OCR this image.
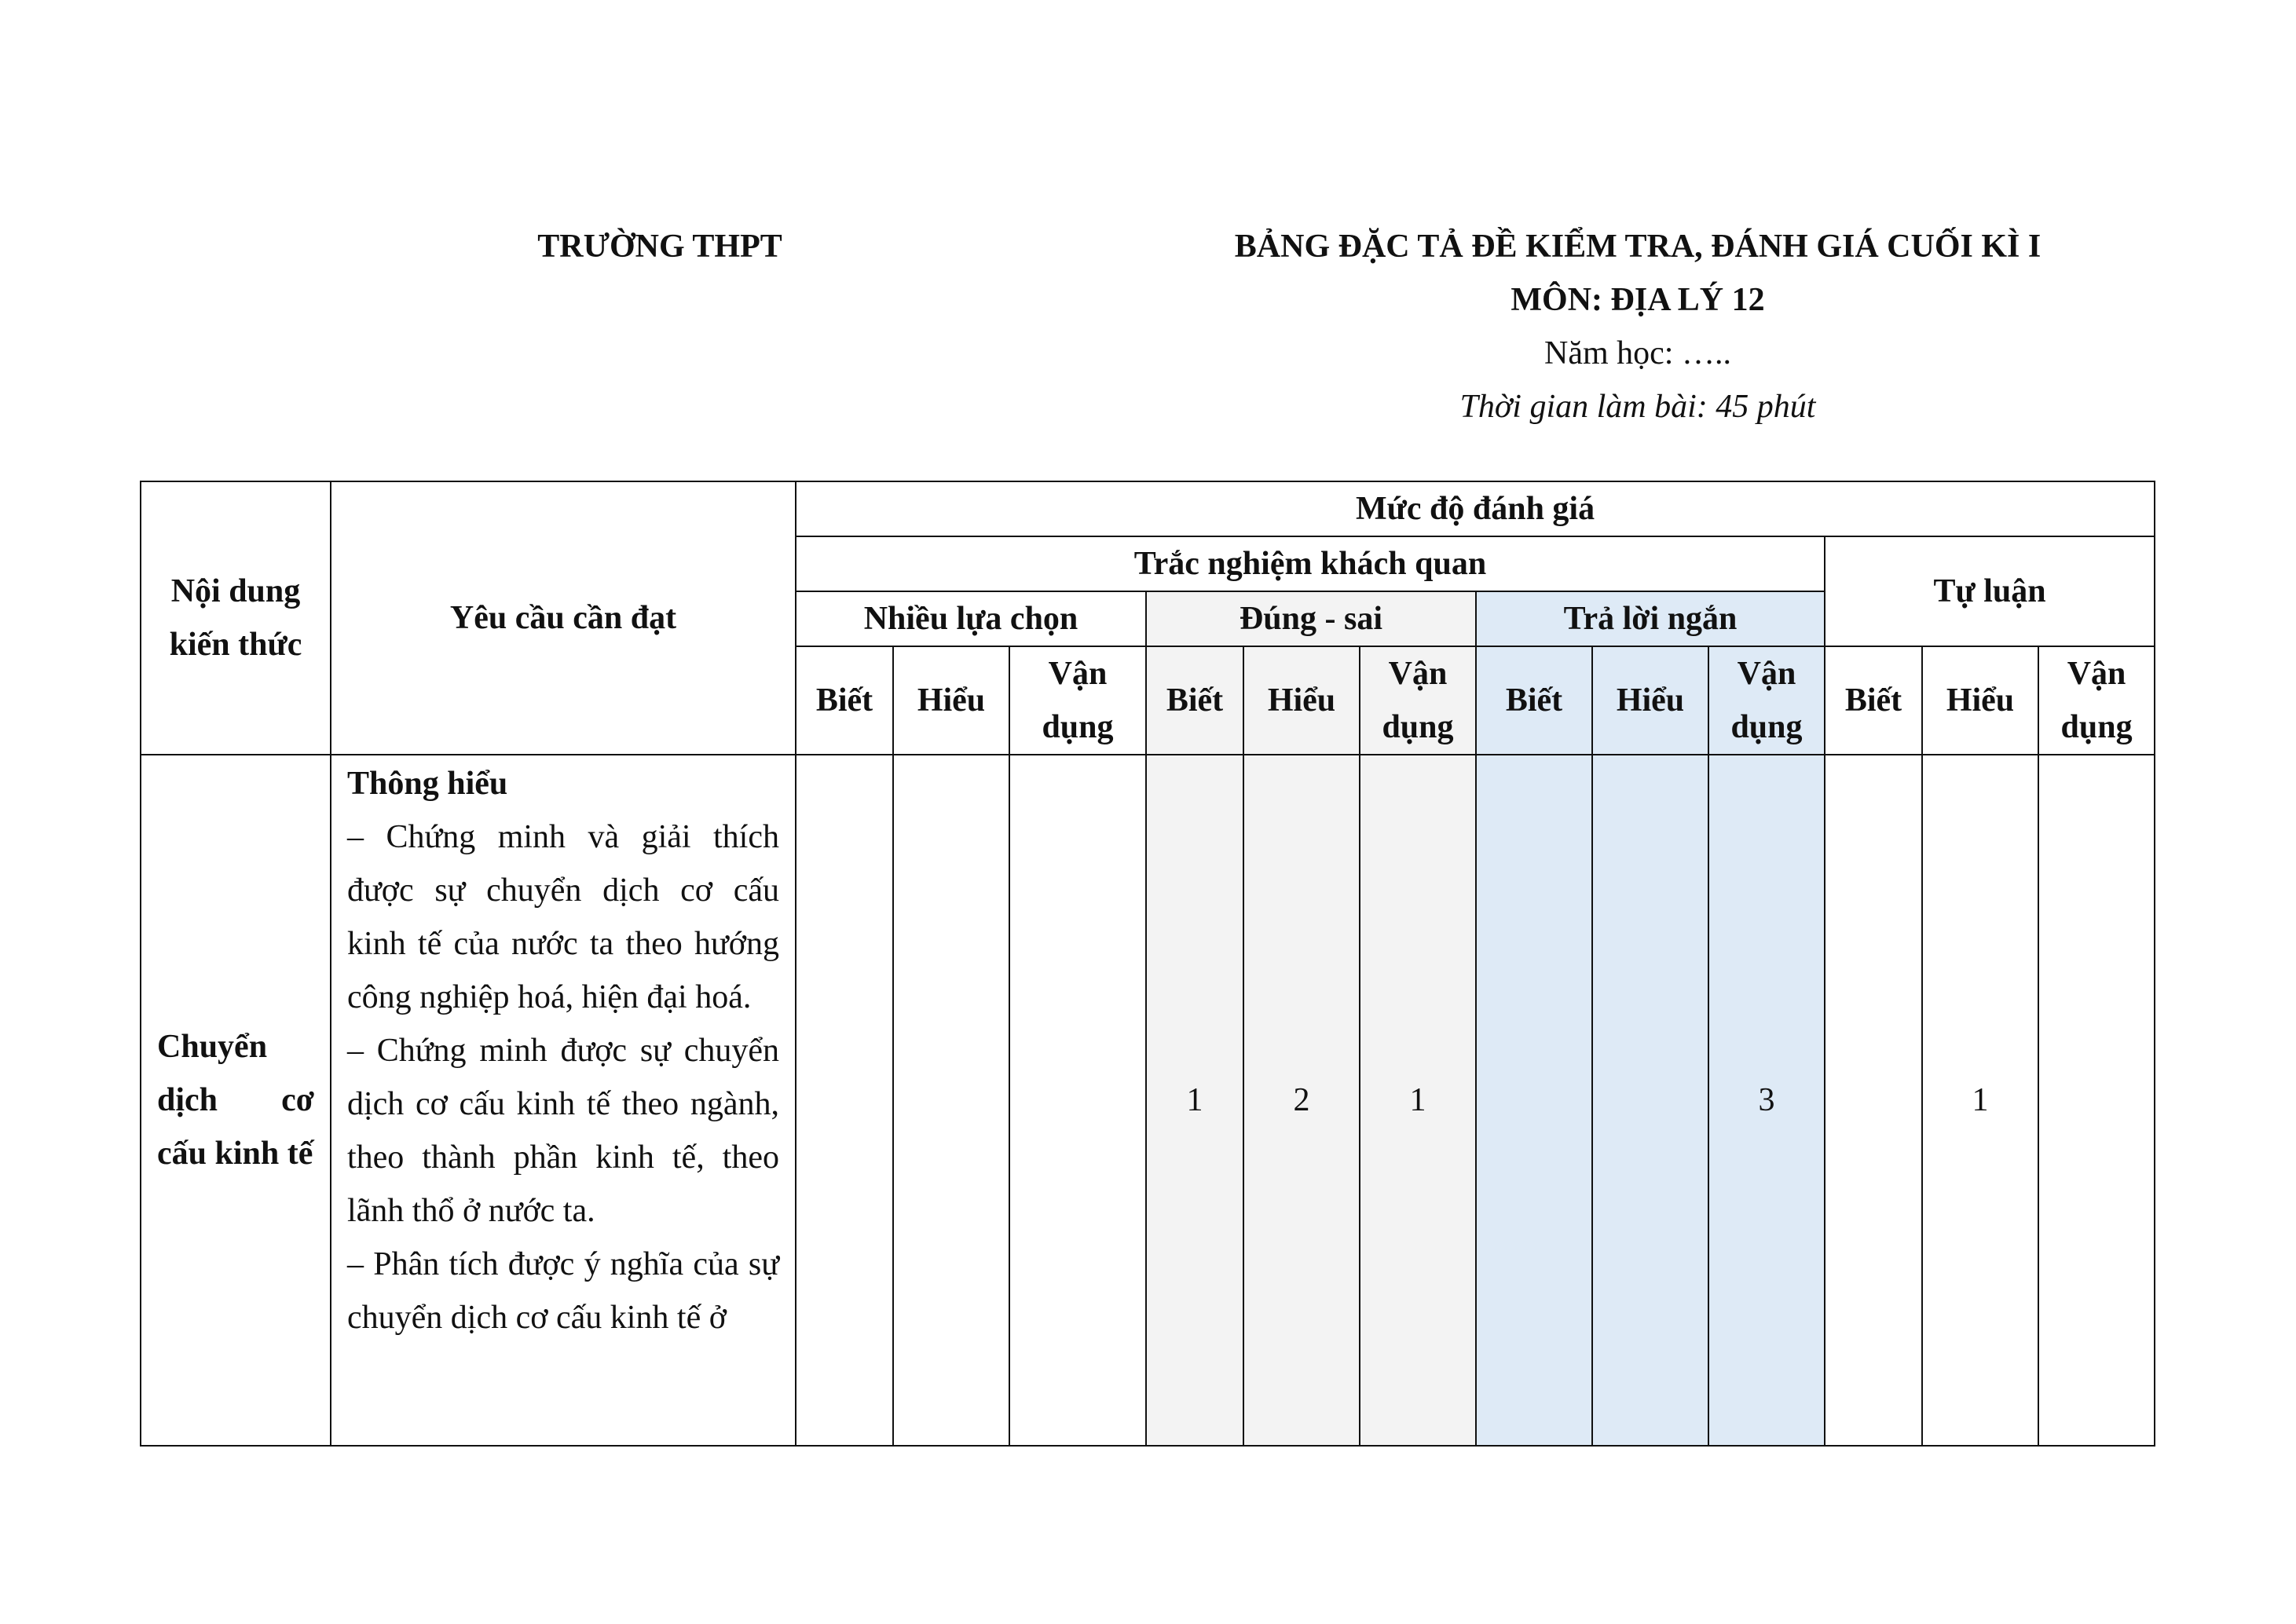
TRƯỜNG THPT	BẢNG ĐẶC TẢ ĐỀ KIỂM TRA, ĐÁNH GIÁ CUỐI KÌ I
MÔN: ĐỊA LÝ 12
Năm học: …..
Thời gian làm bài: 45 phút
Nội dung kiến thức	Yêu cầu cần đạt	Mức độ đánh giá											
		Trắc nghiệm khách quan									Tự luận		
		Nhiều lựa chọn			Đúng - sai			Trả lời ngắn					
		Biết	Hiểu	Vận dụng	Biết	Hiểu	Vận dụng	Biết	Hiểu	Vận dụng	Biết	Hiểu	Vận dụng

Chuyển dịch cơ cấu kinh tế	Thông hiểu
– Chứng minh và giải thích được sự chuyển dịch cơ cấu kinh tế của nước ta theo hướng công nghiệp hoá, hiện đại hoá.
– Chứng minh được sự chuyển dịch cơ cấu kinh tế theo ngành, theo thành phần kinh tế, theo lãnh thổ ở nước ta.
– Phân tích được ý nghĩa của sự chuyển dịch cơ cấu kinh tế ở				1	2	1			3		1	
